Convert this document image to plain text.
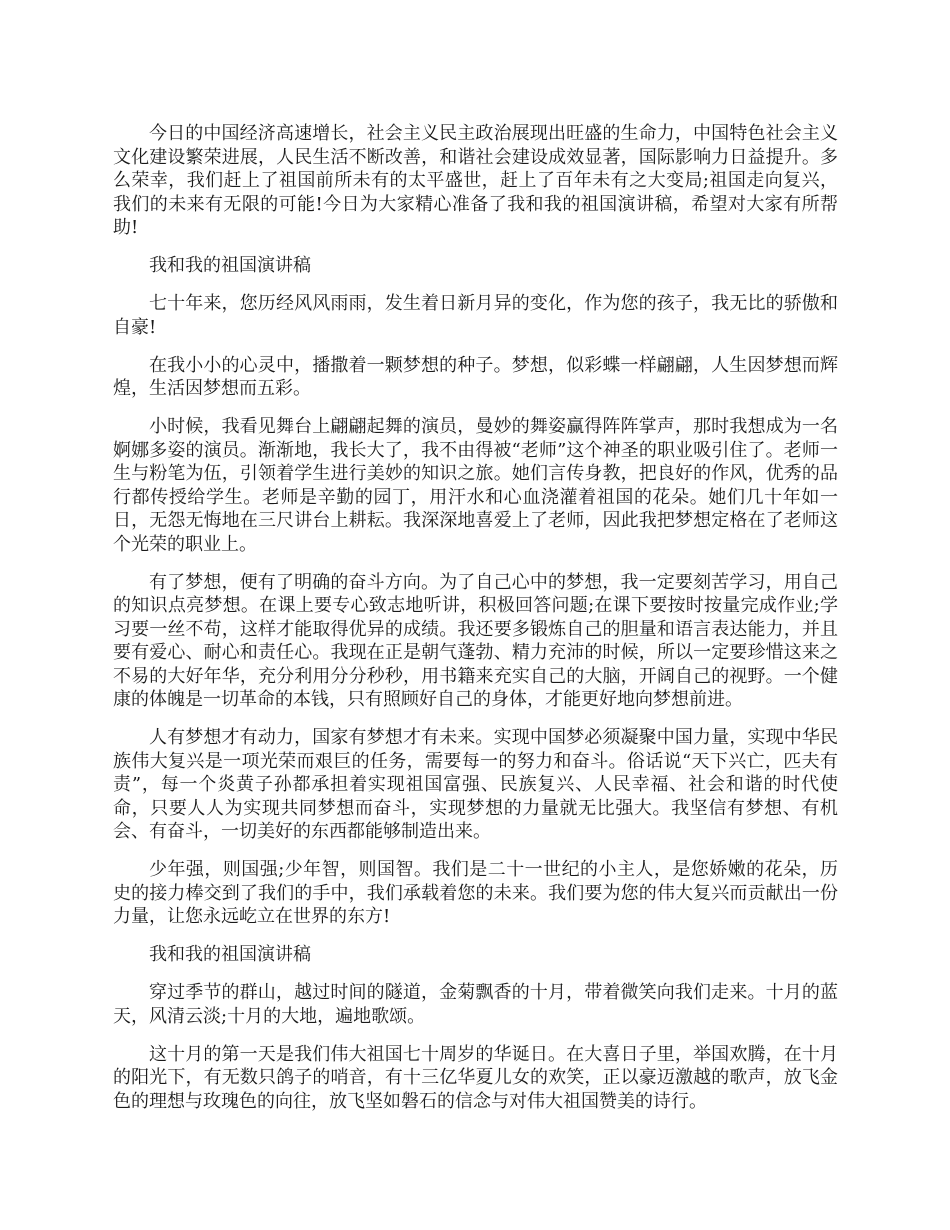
今日的中国经济高速增长，社会主义民主政治展现出旺盛的生命力，中国特色社会主义文化建设繁荣进展，人民生活不断改善，和谐社会建设成效显著，国际影响力日益提升。多么荣幸，我们赶上了祖国前所未有的太平盛世，赶上了百年未有之大变局;祖国走向复兴，我们的未来有无限的可能!今日为大家精心准备了我和我的祖国演讲稿，希望对大家有所帮助!

我和我的祖国演讲稿

七十年来，您历经风风雨雨，发生着日新月异的变化，作为您的孩子，我无比的骄傲和自豪!

在我小小的心灵中，播撒着一颗梦想的种子。梦想，似彩蝶一样翩翩，人生因梦想而辉煌，生活因梦想而五彩。

小时候，我看见舞台上翩翩起舞的演员，曼妙的舞姿赢得阵阵掌声，那时我想成为一名婀娜多姿的演员。渐渐地，我长大了，我不由得被“老师”这个神圣的职业吸引住了。老师一生与粉笔为伍，引领着学生进行美妙的知识之旅。她们言传身教，把良好的作风，优秀的品行都传授给学生。老师是辛勤的园丁，用汗水和心血浇灌着祖国的花朵。她们几十年如一日，无怨无悔地在三尺讲台上耕耘。我深深地喜爱上了老师，因此我把梦想定格在了老师这个光荣的职业上。

有了梦想，便有了明确的奋斗方向。为了自己心中的梦想，我一定要刻苦学习，用自己的知识点亮梦想。在课上要专心致志地听讲，积极回答问题;在课下要按时按量完成作业;学习要一丝不苟，这样才能取得优异的成绩。我还要多锻炼自己的胆量和语言表达能力，并且要有爱心、耐心和责任心。我现在正是朝气蓬勃、精力充沛的时候，所以一定要珍惜这来之不易的大好年华，充分利用分分秒秒，用书籍来充实自己的大脑，开阔自己的视野。一个健康的体魄是一切革命的本钱，只有照顾好自己的身体，才能更好地向梦想前进。

人有梦想才有动力，国家有梦想才有未来。实现中国梦必须凝聚中国力量，实现中华民族伟大复兴是一项光荣而艰巨的任务，需要每一的努力和奋斗。俗话说“天下兴亡，匹夫有责”，每一个炎黄子孙都承担着实现祖国富强、民族复兴、人民幸福、社会和谐的时代使命，只要人人为实现共同梦想而奋斗，实现梦想的力量就无比强大。我坚信有梦想、有机会、有奋斗，一切美好的东西都能够制造出来。

少年强，则国强;少年智，则国智。我们是二十一世纪的小主人，是您娇嫩的花朵，历史的接力棒交到了我们的手中，我们承载着您的未来。我们要为您的伟大复兴而贡献出一份力量，让您永远屹立在世界的东方!

我和我的祖国演讲稿

穿过季节的群山，越过时间的隧道，金菊飘香的十月，带着微笑向我们走来。十月的蓝天，风清云淡;十月的大地，遍地歌颂。

这十月的第一天是我们伟大祖国七十周岁的华诞日。在大喜日子里，举国欢腾，在十月的阳光下，有无数只鸽子的哨音，有十三亿华夏儿女的欢笑，正以豪迈激越的歌声，放飞金色的理想与玫瑰色的向往，放飞坚如磐石的信念与对伟大祖国赞美的诗行。
